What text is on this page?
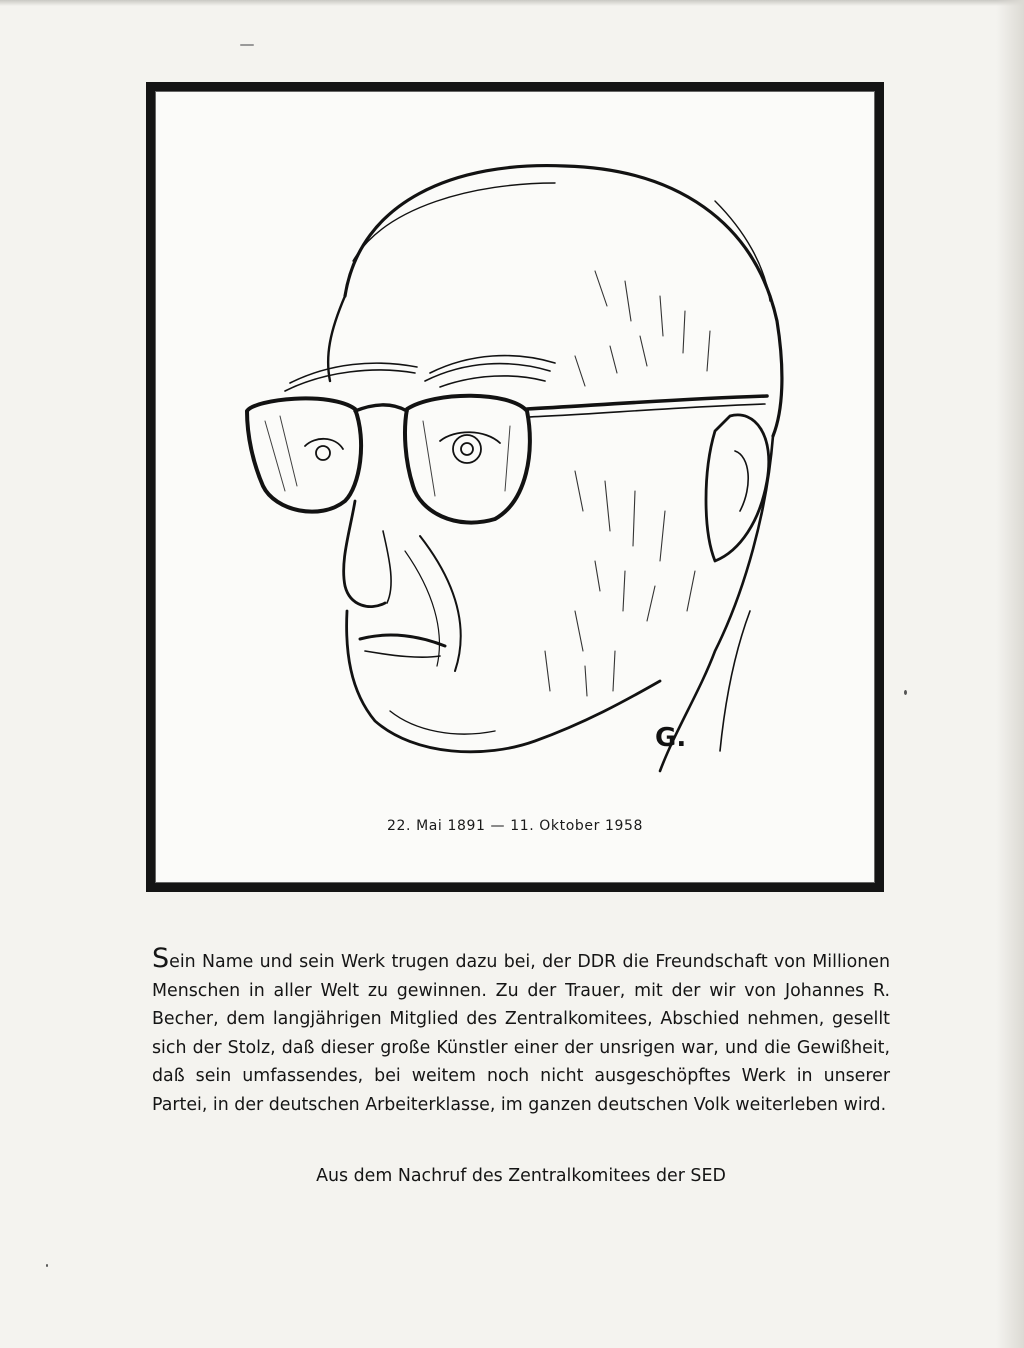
G.
22. Mai 1891 — 11. Oktober 1958
Sein Name und sein Werk trugen dazu bei, der DDR die Freundschaft von Millionen Menschen in aller Welt zu gewinnen. Zu der Trauer, mit der wir von Johannes R. Becher, dem langjährigen Mitglied des Zentralkomitees, Abschied nehmen, gesellt sich der Stolz, daß dieser große Künstler einer der unsrigen war, und die Gewißheit, daß sein umfassendes, bei weitem noch nicht ausgeschöpftes Werk in unserer Partei, in der deutschen Arbeiterklasse, im ganzen deutschen Volk weiterleben wird.
Aus dem Nachruf des Zentralkomitees der SED
